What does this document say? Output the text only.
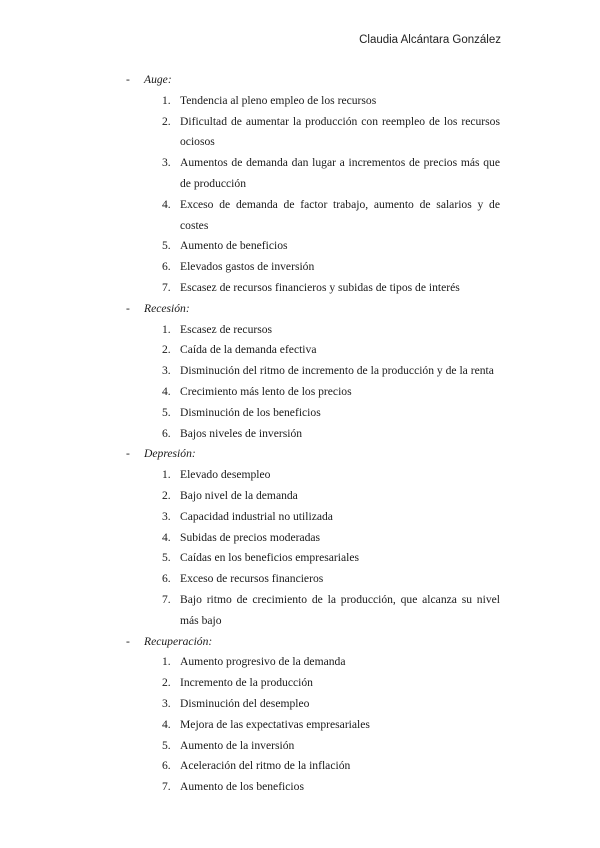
Claudia Alcántara González
- Auge:
1. Tendencia al pleno empleo de los recursos
2. Dificultad de aumentar la producción con reempleo de los recursos ociosos
3. Aumentos de demanda dan lugar a incrementos de precios más que de producción
4. Exceso de demanda de factor trabajo, aumento de salarios y de costes
5. Aumento de beneficios
6. Elevados gastos de inversión
7. Escasez de recursos financieros y subidas de tipos de interés
- Recesión:
1. Escasez de recursos
2. Caída de la demanda efectiva
3. Disminución del ritmo de incremento de la producción y de la renta
4. Crecimiento más lento de los precios
5. Disminución de los beneficios
6. Bajos niveles de inversión
- Depresión:
1. Elevado desempleo
2. Bajo nivel de la demanda
3. Capacidad industrial no utilizada
4. Subidas de precios moderadas
5. Caídas en los beneficios empresariales
6. Exceso de recursos financieros
7. Bajo ritmo de crecimiento de la producción, que alcanza su nivel más bajo
- Recuperación:
1. Aumento progresivo de la demanda
2. Incremento de la producción
3. Disminución del desempleo
4. Mejora de las expectativas empresariales
5. Aumento de la inversión
6. Aceleración del ritmo de la inflación
7. Aumento de los beneficios
